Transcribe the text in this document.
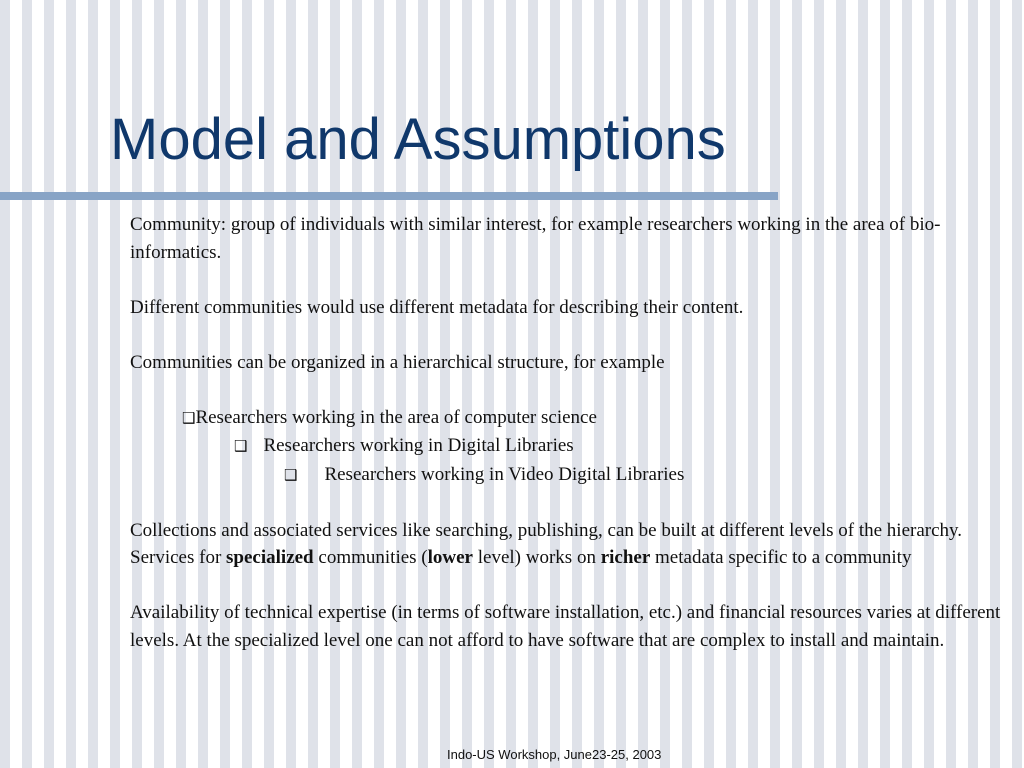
Model and Assumptions

Community: group of individuals with similar interest, for example researchers working in the area of bio-informatics.

Different communities would use different metadata for describing their content.

Communities can be organized in a hierarchical structure, for example

❑Researchers working in the area of computer science
❑ Researchers working in Digital Libraries
❑ Researchers working in Video Digital Libraries

Collections and associated services like searching, publishing, can be built at different levels of the hierarchy. Services for specialized communities (lower level) works on richer metadata specific to a community

Availability of technical expertise (in terms of software installation, etc.) and financial resources varies at different levels. At the specialized level one can not afford to have software that are complex to install and maintain.

Indo-US Workshop, June23-25, 2003
